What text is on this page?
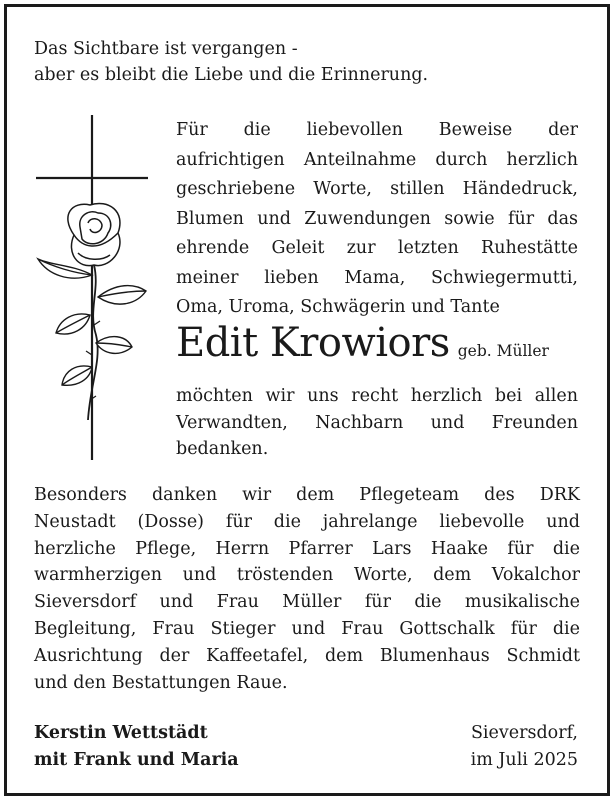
Das Sichtbare ist vergangen -
aber es bleibt die Liebe und die Erinnerung.
Für die liebevollen Beweise der
aufrichtigen Anteilnahme durch herzlich
geschriebene Worte, stillen Händedruck,
Blumen und Zuwendungen sowie für das
ehrende Geleit zur letzten Ruhestätte
meiner lieben Mama, Schwiegermutti,
Oma, Uroma, Schwägerin und Tante
Edit Krowiors geb. Müller
möchten wir uns recht herzlich bei allen
Verwandten, Nachbarn und Freunden
bedanken.
Besonders danken wir dem Pflegeteam des DRK
Neustadt (Dosse) für die jahrelange liebevolle und
herzliche Pflege, Herrn Pfarrer Lars Haake für die
warmherzigen und tröstenden Worte, dem Vokalchor
Sieversdorf und Frau Müller für die musikalische
Begleitung, Frau Stieger und Frau Gottschalk für die
Ausrichtung der Kaffeetafel, dem Blumenhaus Schmidt
und den Bestattungen Raue.
Kerstin Wettstädt
mit Frank und Maria
Sieversdorf,
im Juli 2025
